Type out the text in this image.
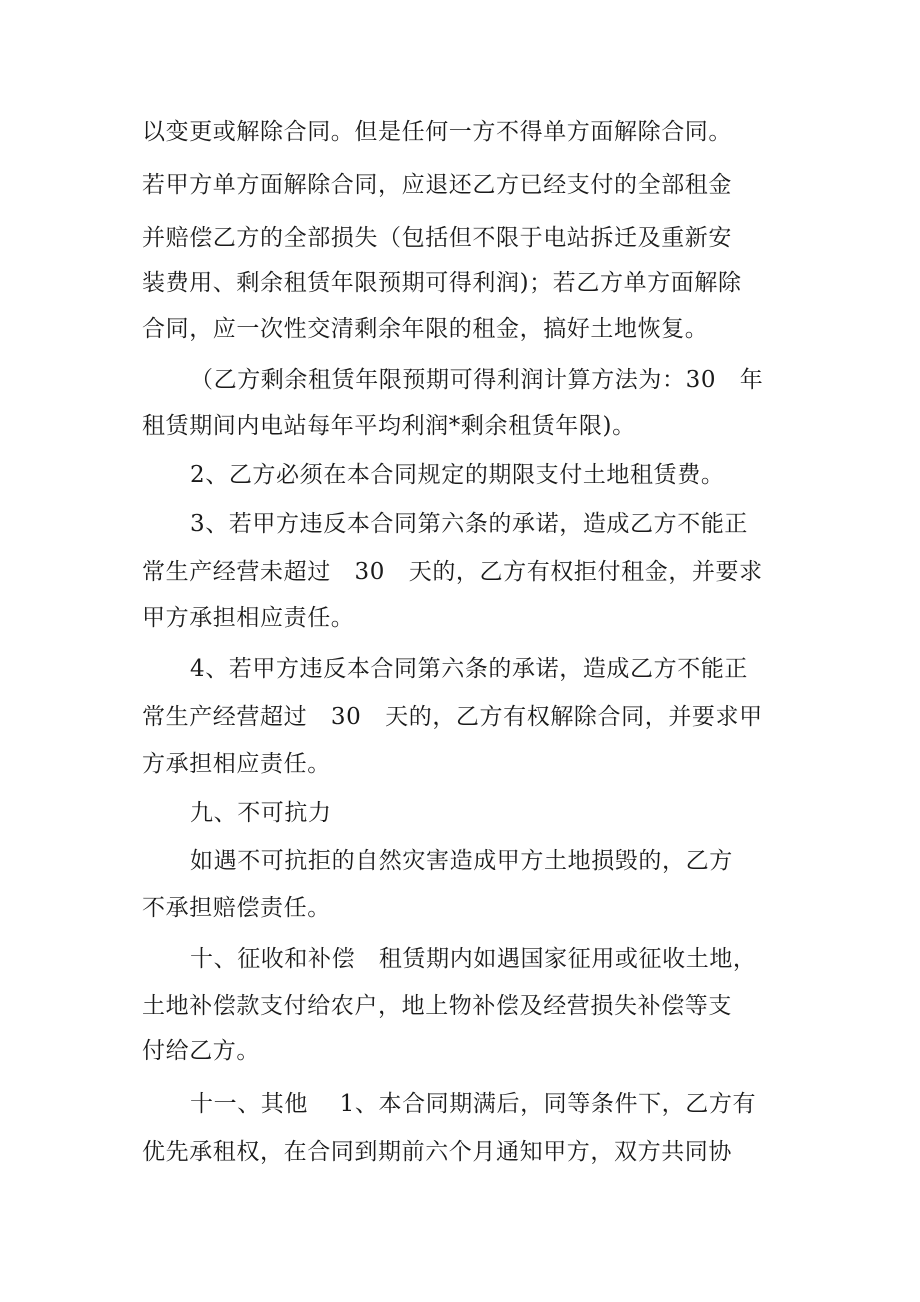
以变更或解除合同。但是任何一方不得单方面解除合同。
若甲方单方面解除合同，应退还乙方已经支付的全部租金
并赔偿乙方的全部损失（包括但不限于电站拆迁及重新安
装费用、剩余租赁年限预期可得利润)；若乙方单方面解除
合同，应一次性交清剩余年限的租金，搞好土地恢复。
（乙方剩余租赁年限预期可得利润计算方法为：30   年
租赁期间内电站每年平均利润*剩余租赁年限)。
2、乙方必须在本合同规定的期限支付土地租赁费。
3、若甲方违反本合同第六条的承诺，造成乙方不能正
常生产经营未超过   30   天的，乙方有权拒付租金，并要求
甲方承担相应责任。
4、若甲方违反本合同第六条的承诺，造成乙方不能正
常生产经营超过   30   天的，乙方有权解除合同，并要求甲
方承担相应责任。
九、不可抗力
如遇不可抗拒的自然灾害造成甲方土地损毁的，乙方
不承担赔偿责任。
十、征收和补偿   租赁期内如遇国家征用或征收土地，
土地补偿款支付给农户，地上物补偿及经营损失补偿等支
付给乙方。
十一、其他    1、本合同期满后，同等条件下，乙方有
优先承租权，在合同到期前六个月通知甲方，双方共同协
